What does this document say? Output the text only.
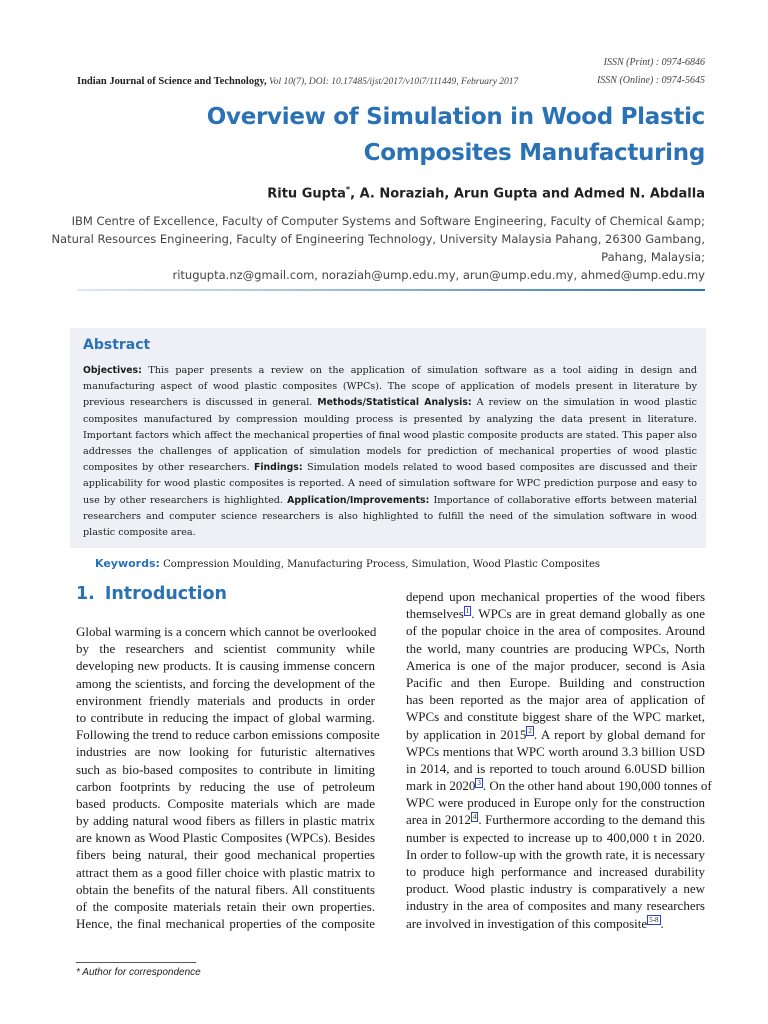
ISSN (Print) : 0974-6846
ISSN (Online) : 0974-5645
Indian Journal of Science and Technology, Vol 10(7), DOI: 10.17485/ijst/2017/v10i7/111449, February 2017
Overview of Simulation in Wood Plastic
Composites Manufacturing
Ritu Gupta*, A. Noraziah, Arun Gupta and Admed N. Abdalla
IBM Centre of Excellence, Faculty of Computer Systems and Software Engineering, Faculty of Chemical &amp;
Natural Resources Engineering, Faculty of Engineering Technology, University Malaysia Pahang, 26300 Gambang,
Pahang, Malaysia;
ritugupta.nz@gmail.com, noraziah@ump.edu.my, arun@ump.edu.my, ahmed@ump.edu.my
Abstract

Objectives: This paper presents a review on the application of simulation software as a tool aiding in design and manufacturing aspect of wood plastic composites (WPCs). The scope of application of models present in literature by previous researchers is discussed in general. Methods/Statistical Analysis: A review on the simulation in wood plastic composites manufactured by compression moulding process is presented by analyzing the data present in literature. Important factors which affect the mechanical properties of final wood plastic composite products are stated. This paper also addresses the challenges of application of simulation models for prediction of mechanical properties of wood plastic composites by other researchers. Findings: Simulation models related to wood based composites are discussed and their applicability for wood plastic composites is reported. A need of simulation software for WPC prediction purpose and easy to use by other researchers is highlighted. Application/Improvements: Importance of collaborative efforts between material researchers and computer science researchers is also highlighted to fulfill the need of the simulation software in wood plastic composite area.

Keywords: Compression Moulding, Manufacturing Process, Simulation, Wood Plastic Composites
1. Introduction
Global warming is a concern which cannot be overlooked
by the researchers and scientist community while
developing new products. It is causing immense concern
among the scientists, and forcing the development of the
environment friendly materials and products in order
to contribute in reducing the impact of global warming.
Following the trend to reduce carbon emissions composite
industries are now looking for futuristic alternatives
such as bio-based composites to contribute in limiting
carbon footprints by reducing the use of petroleum
based products. Composite materials which are made
by adding natural wood fibers as fillers in plastic matrix
are known as Wood Plastic Composites (WPCs). Besides
fibers being natural, their good mechanical properties
attract them as a good filler choice with plastic matrix to
obtain the benefits of the natural fibers. All constituents
of the composite materials retain their own properties.
Hence, the final mechanical properties of the composite
depend upon mechanical properties of the wood fibers
themselves 1 . WPCs are in great demand globally as one
of the popular choice in the area of composites. Around
the world, many countries are producing WPCs, North
America is one of the major producer, second is Asia
Pacific and then Europe. Building and construction
has been reported as the major area of application of
WPCs and constitute biggest share of the WPC market,
by application in 2015 2 . A report by global demand for
WPCs mentions that WPC worth around 3.3 billion USD
in 2014, and is reported to touch around 6.0USD billion
mark in 2020 3 . On the other hand about 190,000 tonnes of
WPC were produced in Europe only for the construction
area in 2012 4 . Furthermore according to the demand this
number is expected to increase up to 400,000 t in 2020.
In order to follow-up with the growth rate, it is necessary
to produce high performance and increased durability
product. Wood plastic industry is comparatively a new
industry in the area of composites and many researchers
are involved in investigation of this composite 5-8 .
* Author for correspondence
